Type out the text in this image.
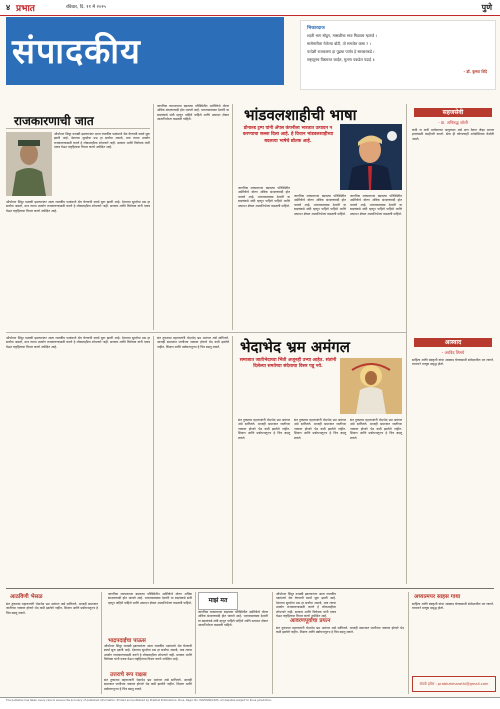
४ प्रभात	रविवार, दि. ११ मे २०२५	पुणे
संपादकीय
भिकारदाज
शहरी भाग सोडून, मासळीचा भाव मिळाला म्हणजे ।
मासेमारीला गेलेल्या बोटी, तो समजेल कसा ? ।
परदेशी राजकारण हा पुढचा पर्याय हे सरकारकडे ।
राष्ट्रातूनच विस्तारत जाईल, मुलगा पकडेल पदाई ॥
- डॉ. कृष्णा शिंदे
राजकारणाची जात
ऑपरेशन सिंदूर यशस्वी झाल्यानंतर आता राजकीय पक्षांमध्ये श्रेय घेण्याची स्पर्धा सुरू झाली आहे. देशाच्या सुरक्षेचा प्रश्न हा सर्वांचा असतो, मात्र त्याचा उपयोग राजकारणासाठी करणे हे लोकशाहीला शोभणारे नाही. सरकार आणि विरोधक यांनी एकत्र येऊन राष्ट्रहिताचा विचार करणे अपेक्षित आहे.
ऑपरेशन सिंदूर यशस्वी झाल्यानंतर आता राजकीय पक्षांमध्ये श्रेय घेण्याची स्पर्धा सुरू झाली आहे. देशाच्या सुरक्षेचा प्रश्न हा सर्वांचा असतो, मात्र त्याचा उपयोग राजकारणासाठी करणे हे लोकशाहीला शोभणारे नाही. सरकार आणि विरोधक यांनी एकत्र येऊन राष्ट्रहिताचा विचार करणे अपेक्षित आहे.
जागतिक व्यापाराच्या बदलत्या परिस्थितीत अमेरिकेचे धोरण अधिक संरक्षणवादी होत चालले आहे. भारतासारख्या देशांनी या बदलांकडे संधी म्हणून पाहिले पाहिजे आणि उत्पादन क्षेत्रात आत्मनिर्भरता वाढवली पाहिजे.	भांडवलशाहीची भाषा
डोनाल्ड ट्रम्प यांनी ॲपल कंपनीला भारतात उत्पादन न करण्याचा सल्ला दिला आहे. हे विधान भांडवलशाहीच्या बदलत्या भाषेचे द्योतक आहे.
जागतिक व्यापाराच्या बदलत्या परिस्थितीत अमेरिकेचे धोरण अधिक संरक्षणवादी होत चालले आहे. भारतासारख्या देशांनी या बदलांकडे संधी म्हणून पाहिले पाहिजे आणि उत्पादन क्षेत्रात आत्मनिर्भरता वाढवली पाहिजे.
जागतिक व्यापाराच्या बदलत्या परिस्थितीत अमेरिकेचे धोरण अधिक संरक्षणवादी होत चालले आहे. भारतासारख्या देशांनी या बदलांकडे संधी म्हणून पाहिले पाहिजे आणि उत्पादन क्षेत्रात आत्मनिर्भरता वाढवली पाहिजे.
जागतिक व्यापाराच्या बदलत्या परिस्थितीत अमेरिकेचे धोरण अधिक संरक्षणवादी होत चालले आहे. भारतासारख्या देशांनी या बदलांकडे संधी म्हणून पाहिले पाहिजे आणि उत्पादन क्षेत्रात आत्मनिर्भरता वाढवली पाहिजे.
सहजसेवी
- प्रा. अनिरुद्ध जोशी
कधी ना कधी प्रत्येकाच्या आयुष्यात असे क्षण येतात जेव्हा आपण इतरांसाठी काहीतरी करतो. सेवा ही कोणत्याही अपेक्षेशिवाय केलेली असते.
आस्वाद
- अरविंद लिमये
साहित्य आणि संस्कृती यांचा आस्वाद घेण्यासाठी संवेदनशील मन लागते. वाचनाने माणूस समृद्ध होतो.
संत तुकाराम महाराजांनी भेदाभेद भ्रम अमंगल असे सांगितले. आजही समाजात जातीच्या नावावर होणारे भेद कमी झालेले नाहीत. शिक्षण आणि प्रबोधनातूनच हे चित्र बदलू शकते.	भेदाभेद भ्रम अमंगल
समाजात जातीभेदाच्या भिंती अजूनही उभ्या आहेत. संतांनी दिलेल्या समतेच्या संदेशाचा विसर पडू नये.
संत तुकाराम महाराजांनी भेदाभेद भ्रम अमंगल असे सांगितले. आजही समाजात जातीच्या नावावर होणारे भेद कमी झालेले नाहीत. शिक्षण आणि प्रबोधनातूनच हे चित्र बदलू शकते.
संत तुकाराम महाराजांनी भेदाभेद भ्रम अमंगल असे सांगितले. आजही समाजात जातीच्या नावावर होणारे भेद कमी झालेले नाहीत. शिक्षण आणि प्रबोधनातूनच हे चित्र बदलू शकते.
संत तुकाराम महाराजांनी भेदाभेद भ्रम अमंगल असे सांगितले. आजही समाजात जातीच्या नावावर होणारे भेद कमी झालेले नाहीत. शिक्षण आणि प्रबोधनातूनच हे चित्र बदलू शकते.
ऑपरेशन सिंदूर यशस्वी झाल्यानंतर आता राजकीय पक्षांमध्ये श्रेय घेण्याची स्पर्धा सुरू झाली आहे. देशाच्या सुरक्षेचा प्रश्न हा सर्वांचा असतो, मात्र त्याचा उपयोग राजकारणासाठी करणे हे लोकशाहीला शोभणारे नाही. सरकार आणि विरोधक यांनी एकत्र येऊन राष्ट्रहिताचा विचार करणे अपेक्षित आहे.
आठविणी भेसळ
संत तुकाराम महाराजांनी भेदाभेद भ्रम अमंगल असे सांगितले. आजही समाजात जातीच्या नावावर होणारे भेद कमी झालेले नाहीत. शिक्षण आणि प्रबोधनातूनच हे चित्र बदलू शकते.
जागतिक व्यापाराच्या बदलत्या परिस्थितीत अमेरिकेचे धोरण अधिक संरक्षणवादी होत चालले आहे. भारतासारख्या देशांनी या बदलांकडे संधी म्हणून पाहिले पाहिजे आणि उत्पादन क्षेत्रात आत्मनिर्भरता वाढवली पाहिजे.
भाद्रपदाईचा पाऊस
ऑपरेशन सिंदूर यशस्वी झाल्यानंतर आता राजकीय पक्षांमध्ये श्रेय घेण्याची स्पर्धा सुरू झाली आहे. देशाच्या सुरक्षेचा प्रश्न हा सर्वांचा असतो, मात्र त्याचा उपयोग राजकारणासाठी करणे हे लोकशाहीला शोभणारे नाही. सरकार आणि विरोधक यांनी एकत्र येऊन राष्ट्रहिताचा विचार करणे अपेक्षित आहे.
उत्तराचे रूप राक्षस
संत तुकाराम महाराजांनी भेदाभेद भ्रम अमंगल असे सांगितले. आजही समाजात जातीच्या नावावर होणारे भेद कमी झालेले नाहीत. शिक्षण आणि प्रबोधनातूनच हे चित्र बदलू शकते.
माझं मत
जागतिक व्यापाराच्या बदलत्या परिस्थितीत अमेरिकेचे धोरण अधिक संरक्षणवादी होत चालले आहे. भारतासारख्या देशांनी या बदलांकडे संधी म्हणून पाहिले पाहिजे आणि उत्पादन क्षेत्रात आत्मनिर्भरता वाढवली पाहिजे.
ऑपरेशन सिंदूर यशस्वी झाल्यानंतर आता राजकीय पक्षांमध्ये श्रेय घेण्याची स्पर्धा सुरू झाली आहे. देशाच्या सुरक्षेचा प्रश्न हा सर्वांचा असतो, मात्र त्याचा उपयोग राजकारणासाठी करणे हे लोकशाहीला शोभणारे नाही. सरकार आणि विरोधक यांनी एकत्र येऊन राष्ट्रहिताचा विचार करणे अपेक्षित आहे.
आवरणपूर्वाचा प्रयत्न
संत तुकाराम महाराजांनी भेदाभेद भ्रम अमंगल असे सांगितले. आजही समाजात जातीच्या नावावर होणारे भेद कमी झालेले नाहीत. शिक्षण आणि प्रबोधनातूनच हे चित्र बदलू शकते.
अध्यात्मपर साहस गाथा
साहित्य आणि संस्कृती यांचा आस्वाद घेण्यासाठी संवेदनशील मन लागते. वाचनाने माणूस समृद्ध होतो.
संपर्क इमेल : prabhatmarathi@gmail.com
The publisher has taken every care to ensure the accuracy of published information. Printed and published by Prabhat Publications, Pune. Regd. No. MAHMAR/2025. All disputes subject to Pune jurisdiction.
